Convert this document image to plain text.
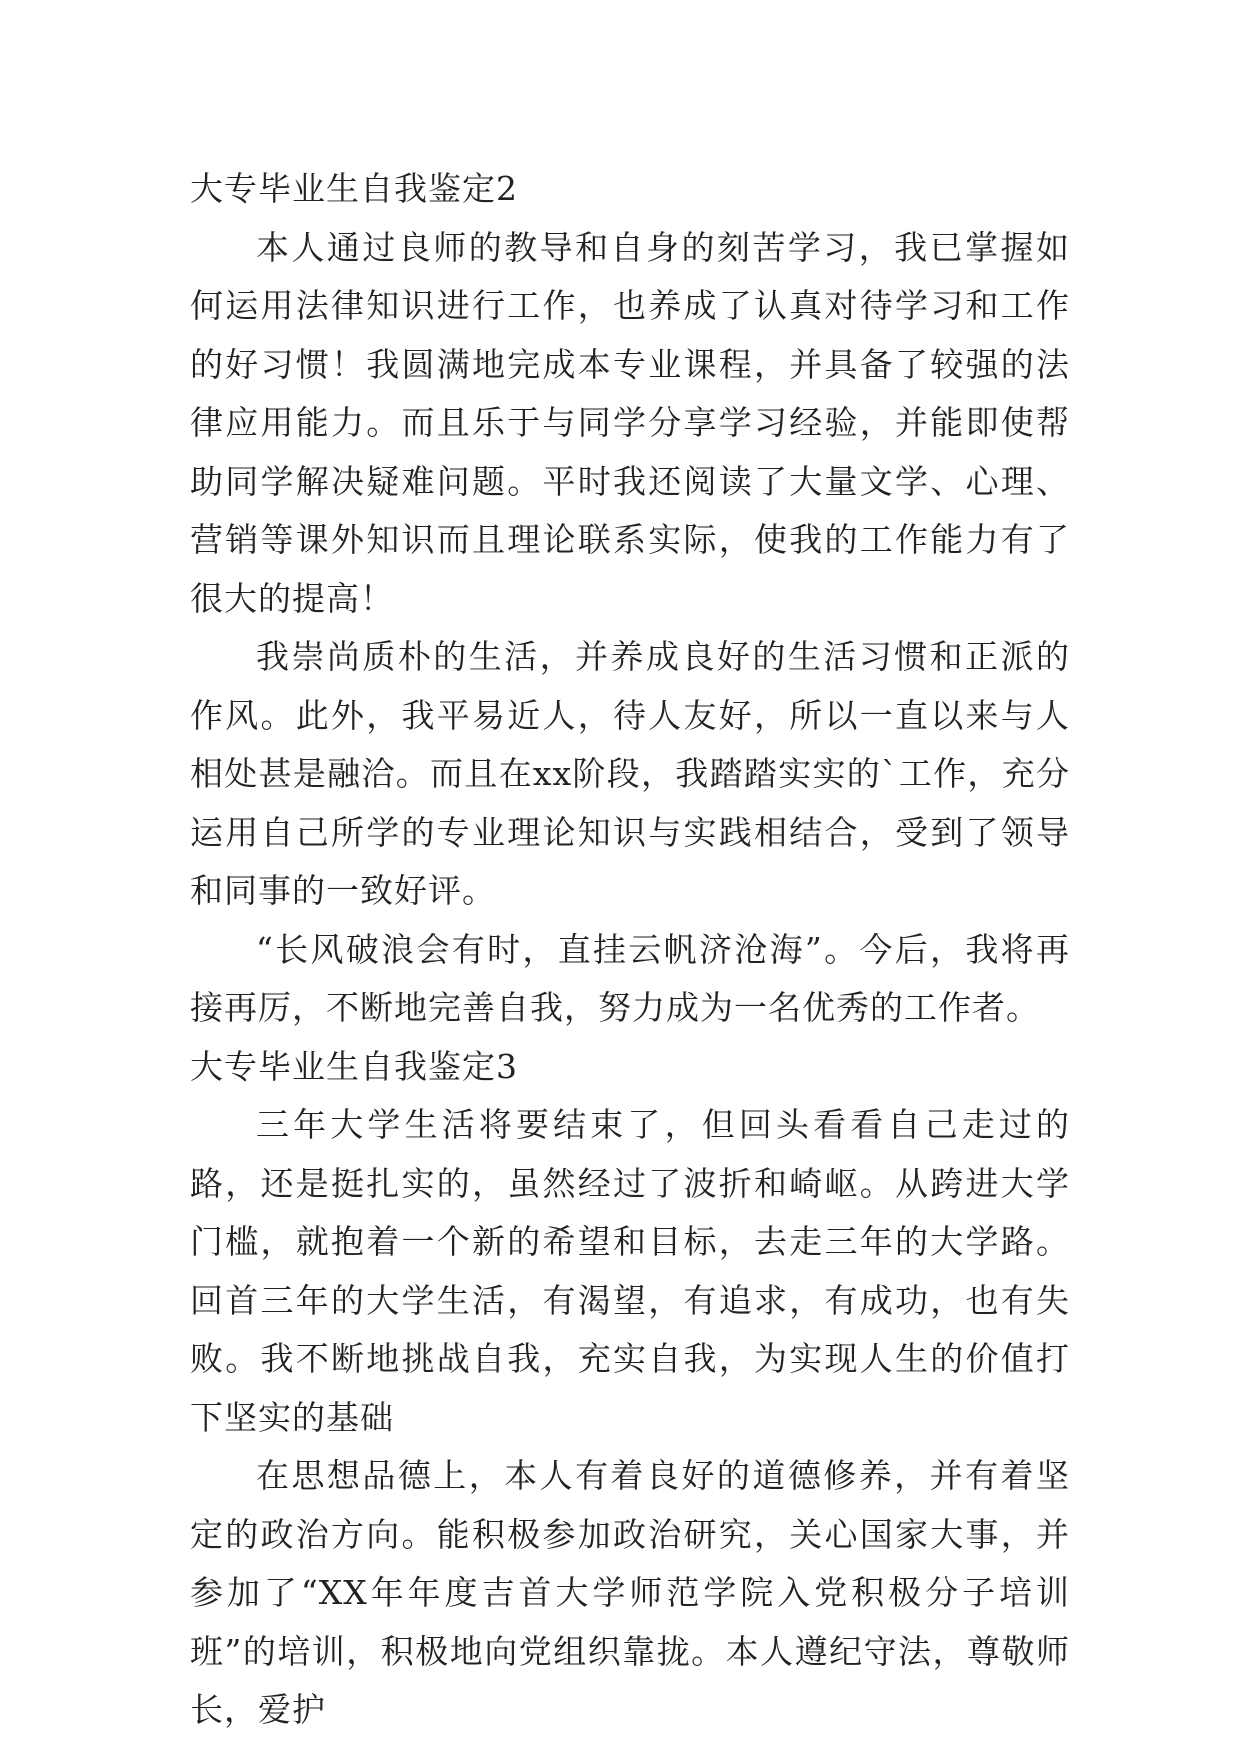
大专毕业生自我鉴定2

本人通过良师的教导和自身的刻苦学习，我已掌握如何运用法律知识进行工作，也养成了认真对待学习和工作的好习惯！我圆满地完成本专业课程，并具备了较强的法律应用能力。而且乐于与同学分享学习经验，并能即使帮助同学解决疑难问题。平时我还阅读了大量文学、心理、营销等课外知识而且理论联系实际，使我的工作能力有了很大的提高！

我崇尚质朴的生活，并养成良好的生活习惯和正派的作风。此外，我平易近人，待人友好，所以一直以来与人相处甚是融洽。而且在xx阶段，我踏踏实实的`工作，充分运用自己所学的专业理论知识与实践相结合，受到了领导和同事的一致好评。

“长风破浪会有时，直挂云帆济沧海”。今后，我将再接再厉，不断地完善自我，努力成为一名优秀的工作者。

大专毕业生自我鉴定3

三年大学生活将要结束了，但回头看看自己走过的路，还是挺扎实的，虽然经过了波折和崎岖。从跨进大学门槛，就抱着一个新的希望和目标，去走三年的大学路。回首三年的大学生活，有渴望，有追求，有成功，也有失败。我不断地挑战自我，充实自我，为实现人生的价值打下坚实的基础

在思想品德上，本人有着良好的道德修养，并有着坚定的政治方向。能积极参加政治研究，关心国家大事，并参加了“XX年年度吉首大学师范学院入党积极分子培训班”的培训，积极地向党组织靠拢。本人遵纪守法，尊敬师长，爱护
